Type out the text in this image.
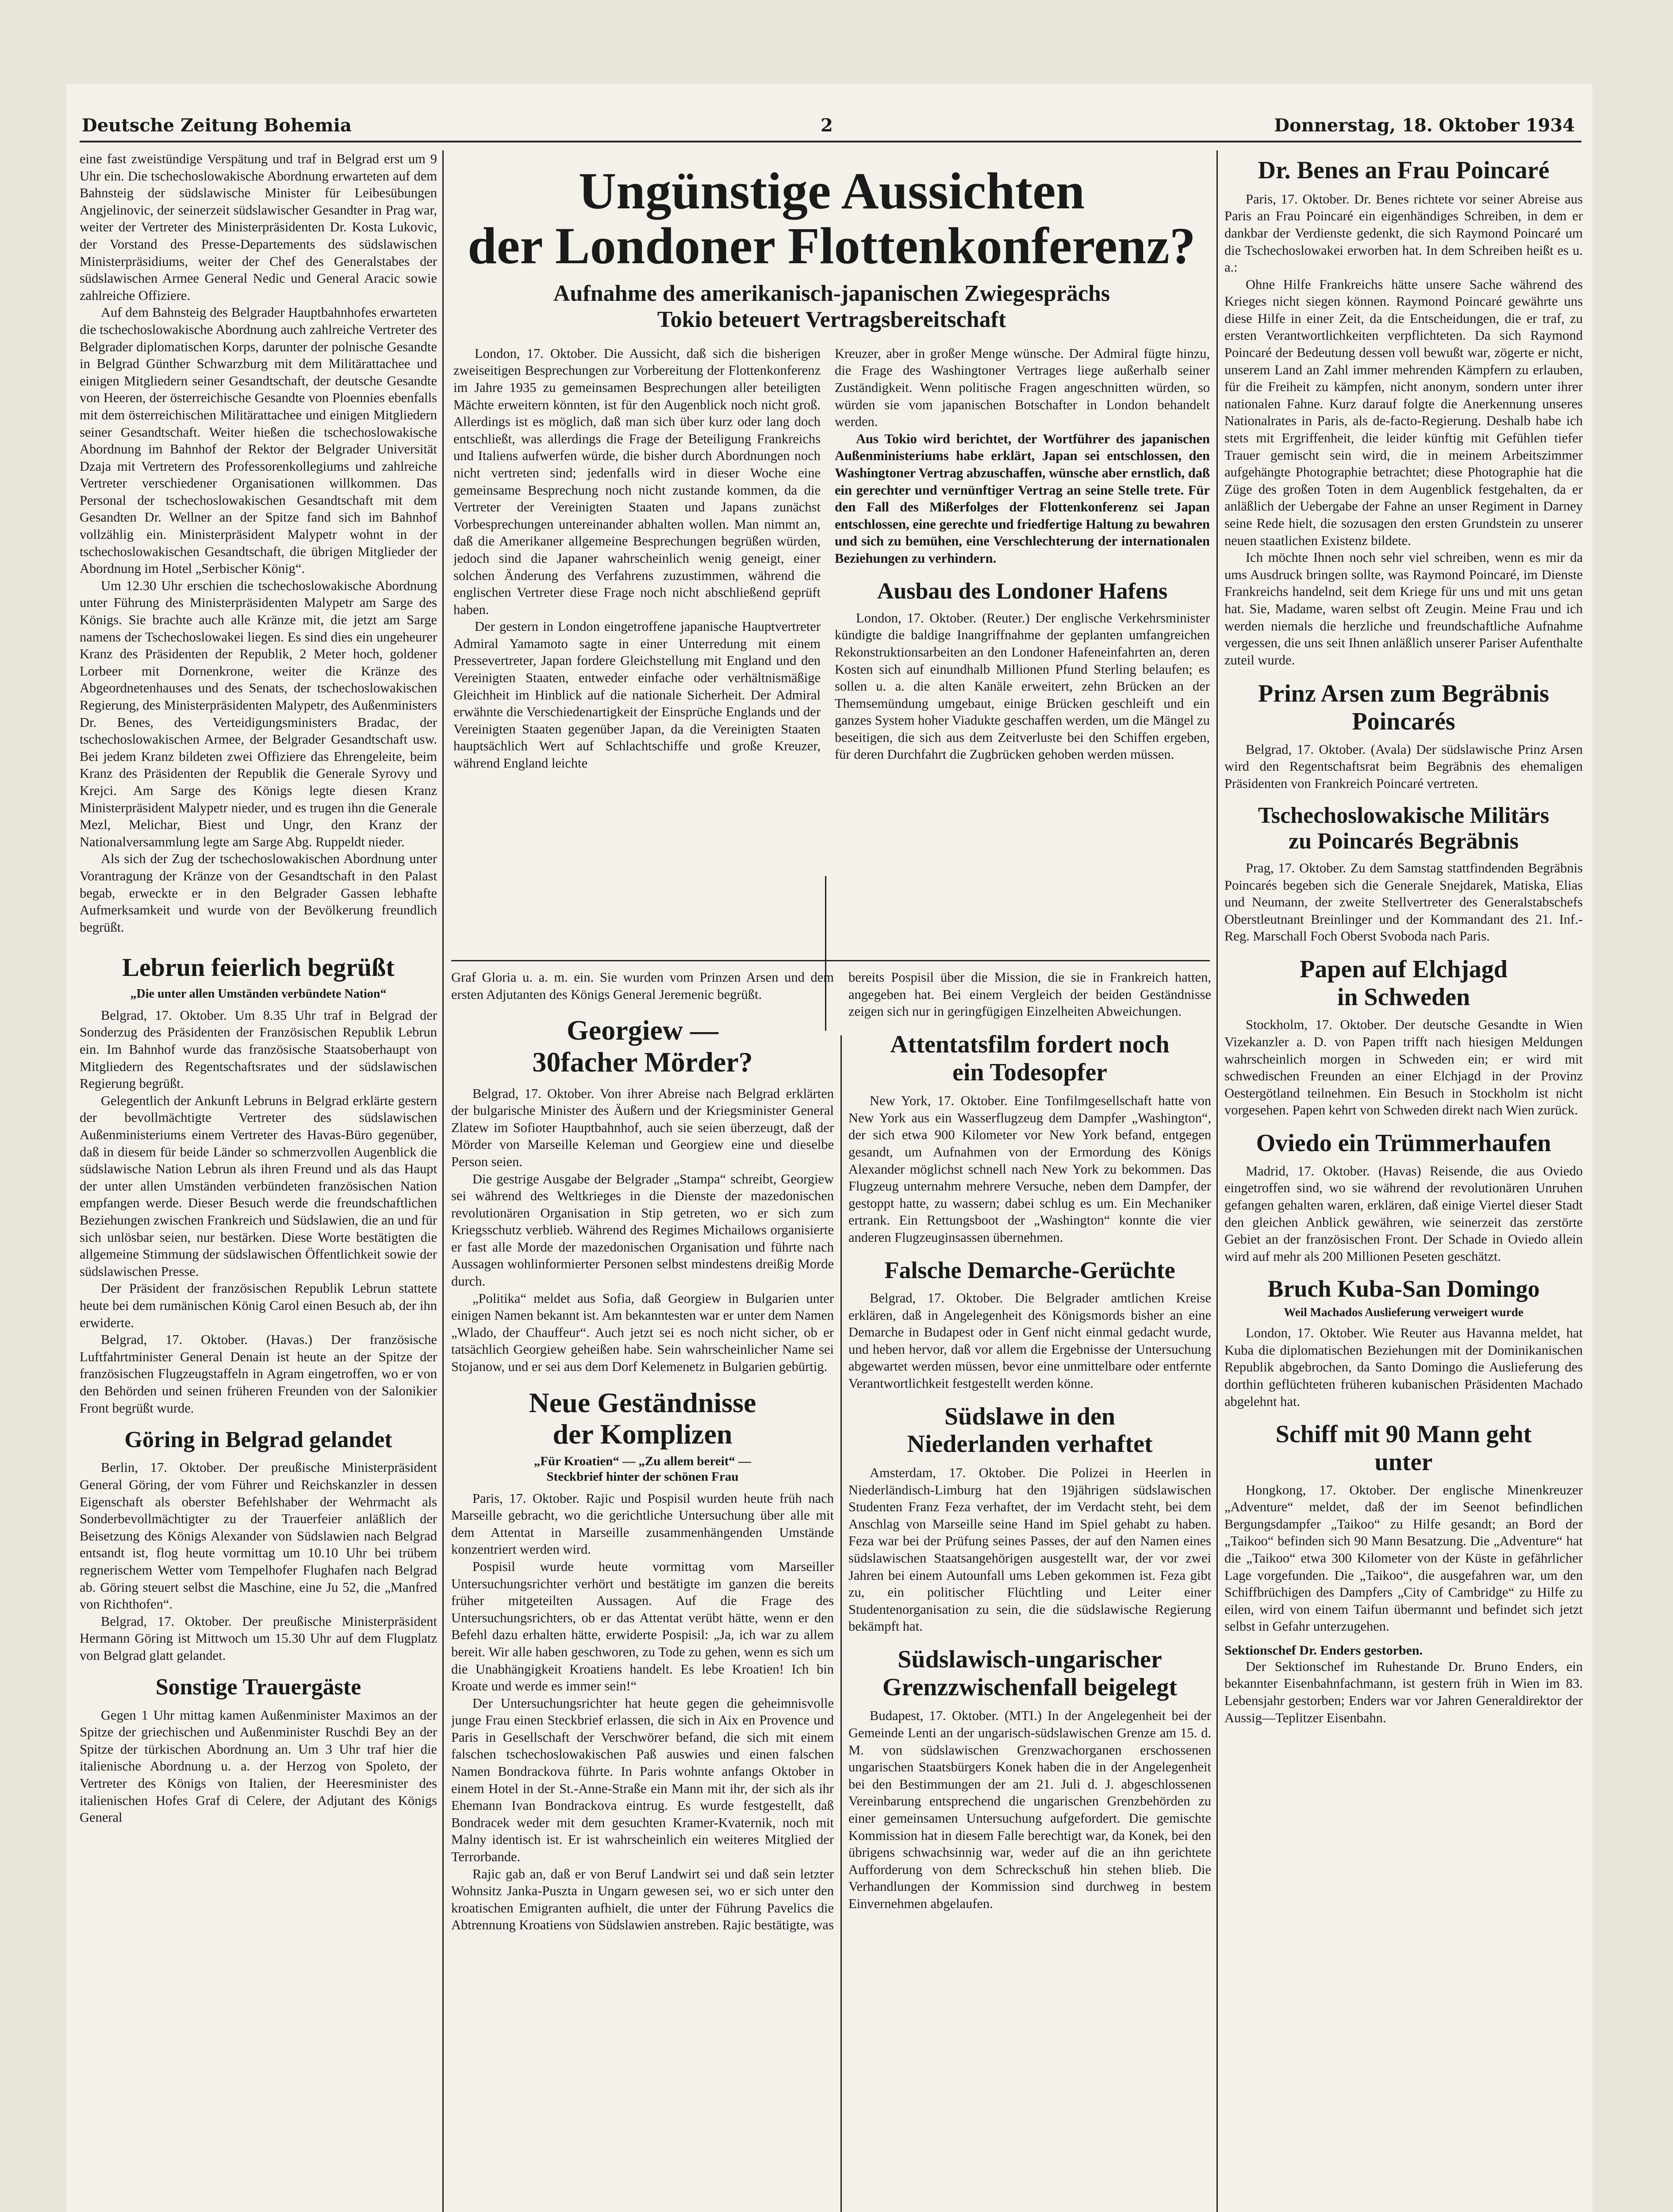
Deutsche Zeitung Bohemia	2	Donnerstag, 18. Oktober 1934

eine fast zweistündige Verspätung und traf in Belgrad erst um 9 Uhr ein. Die tschechoslowakische Abordnung erwarteten auf dem Bahnsteig der südslawische Minister für Leibesübungen Angjelinovic, der seinerzeit südslawischer Gesandter in Prag war, weiter der Vertreter des Ministerpräsidenten Dr. Kosta Lukovic, der Vorstand des Presse-Departements des südslawischen Ministerpräsidiums, weiter der Chef des Generalstabes der südslawischen Armee General Nedic und General Aracic sowie zahlreiche Offiziere.

Auf dem Bahnsteig des Belgrader Hauptbahnhofes erwarteten die tschechoslowakische Abordnung auch zahlreiche Vertreter des Belgrader diplomatischen Korps, darunter der polnische Gesandte in Belgrad Günther Schwarzburg mit dem Militärattachee und einigen Mitgliedern seiner Gesandtschaft, der deutsche Gesandte von Heeren, der österreichische Gesandte von Ploennies ebenfalls mit dem österreichischen Militärattachee und einigen Mitgliedern seiner Gesandtschaft. Weiter hießen die tschechoslowakische Abordnung im Bahnhof der Rektor der Belgrader Universität Dzaja mit Vertretern des Professorenkollegiums und zahlreiche Vertreter verschiedener Organisationen willkommen. Das Personal der tschechoslowakischen Gesandtschaft mit dem Gesandten Dr. Wellner an der Spitze fand sich im Bahnhof vollzählig ein. Ministerpräsident Malypetr wohnt in der tschechoslowakischen Gesandtschaft, die übrigen Mitglieder der Abordnung im Hotel „Serbischer König“.

Um 12.30 Uhr erschien die tschechoslowakische Abordnung unter Führung des Ministerpräsidenten Malypetr am Sarge des Königs. Sie brachte auch alle Kränze mit, die jetzt am Sarge namens der Tschechoslowakei liegen. Es sind dies ein ungeheurer Kranz des Präsidenten der Republik, 2 Meter hoch, goldener Lorbeer mit Dornenkrone, weiter die Kränze des Abgeordnetenhauses und des Senats, der tschechoslowakischen Regierung, des Ministerpräsidenten Malypetr, des Außenministers Dr. Benes, des Verteidigungsministers Bradac, der tschechoslowakischen Armee, der Belgrader Gesandtschaft usw. Bei jedem Kranz bildeten zwei Offiziere das Ehrengeleite, beim Kranz des Präsidenten der Republik die Generale Syrovy und Krejci. Am Sarge des Königs legte diesen Kranz Ministerpräsident Malypetr nieder, und es trugen ihn die Generale Mezl, Melichar, Biest und Ungr, den Kranz der Nationalversammlung legte am Sarge Abg. Ruppeldt nieder.

Als sich der Zug der tschechoslowakischen Abordnung unter Vorantragung der Kränze von der Gesandtschaft in den Palast begab, erweckte er in den Belgrader Gassen lebhafte Aufmerksamkeit und wurde von der Bevölkerung freundlich begrüßt.

Lebrun feierlich begrüßt
„Die unter allen Umständen verbündete Nation“

Belgrad, 17. Oktober. Um 8.35 Uhr traf in Belgrad der Sonderzug des Präsidenten der Französischen Republik Lebrun ein. Im Bahnhof wurde das französische Staatsoberhaupt von Mitgliedern des Regentschaftsrates und der südslawischen Regierung begrüßt.

Gelegentlich der Ankunft Lebruns in Belgrad erklärte gestern der bevollmächtigte Vertreter des südslawischen Außenministeriums einem Vertreter des Havas-Büro gegenüber, daß in diesem für beide Länder so schmerzvollen Augenblick die südslawische Nation Lebrun als ihren Freund und als das Haupt der unter allen Umständen verbündeten französischen Nation empfangen werde. Dieser Besuch werde die freundschaftlichen Beziehungen zwischen Frankreich und Südslawien, die an und für sich unlösbar seien, nur bestärken. Diese Worte bestätigten die allgemeine Stimmung der südslawischen Öffentlichkeit sowie der südslawischen Presse.

Der Präsident der französischen Republik Lebrun stattete heute bei dem rumänischen König Carol einen Besuch ab, der ihn erwiderte.

Belgrad, 17. Oktober. (Havas.) Der französische Luftfahrtminister General Denain ist heute an der Spitze der französischen Flugzeugstaffeln in Agram eingetroffen, wo er von den Behörden und seinen früheren Freunden von der Salonikier Front begrüßt wurde.

Göring in Belgrad gelandet

Berlin, 17. Oktober. Der preußische Ministerpräsident General Göring, der vom Führer und Reichskanzler in dessen Eigenschaft als oberster Befehlshaber der Wehrmacht als Sonderbevollmächtigter zu der Trauerfeier anläßlich der Beisetzung des Königs Alexander von Südslawien nach Belgrad entsandt ist, flog heute vormittag um 10.10 Uhr bei trübem regnerischem Wetter vom Tempelhofer Flughafen nach Belgrad ab. Göring steuert selbst die Maschine, eine Ju 52, die „Manfred von Richthofen“.

Belgrad, 17. Oktober. Der preußische Ministerpräsident Hermann Göring ist Mittwoch um 15.30 Uhr auf dem Flugplatz von Belgrad glatt gelandet.

Sonstige Trauergäste

Gegen 1 Uhr mittag kamen Außenminister Maximos an der Spitze der griechischen und Außenminister Ruschdi Bey an der Spitze der türkischen Abordnung an. Um 3 Uhr traf hier die italienische Abordnung u. a. der Herzog von Spoleto, der Vertreter des Königs von Italien, der Heeresminister des italienischen Hofes Graf di Celere, der Adjutant des Königs General

Ungünstige Aussichten
der Londoner Flottenkonferenz?
Aufnahme des amerikanisch-japanischen Zwiegesprächs
Tokio beteuert Vertragsbereitschaft

London, 17. Oktober. Die Aussicht, daß sich die bisherigen zweiseitigen Besprechungen zur Vorbereitung der Flottenkonferenz im Jahre 1935 zu gemeinsamen Besprechungen aller beteiligten Mächte erweitern könnten, ist für den Augenblick noch nicht groß. Allerdings ist es möglich, daß man sich über kurz oder lang doch entschließt, was allerdings die Frage der Beteiligung Frankreichs und Italiens aufwerfen würde, die bisher durch Abordnungen noch nicht vertreten sind; jedenfalls wird in dieser Woche eine gemeinsame Besprechung noch nicht zustande kommen, da die Vertreter der Vereinigten Staaten und Japans zunächst Vorbesprechungen untereinander abhalten wollen. Man nimmt an, daß die Amerikaner allgemeine Besprechungen begrüßen würden, jedoch sind die Japaner wahrscheinlich wenig geneigt, einer solchen Änderung des Verfahrens zuzustimmen, während die englischen Vertreter diese Frage noch nicht abschließend geprüft haben.

Der gestern in London eingetroffene japanische Hauptvertreter Admiral Yamamoto sagte in einer Unterredung mit einem Pressevertreter, Japan fordere Gleichstellung mit England und den Vereinigten Staaten, entweder einfache oder verhältnismäßige Gleichheit im Hinblick auf die nationale Sicherheit. Der Admiral erwähnte die Verschiedenartigkeit der Einsprüche Englands und der Vereinigten Staaten gegenüber Japan, da die Vereinigten Staaten hauptsächlich Wert auf Schlachtschiffe und große Kreuzer, während England leichte

Kreuzer, aber in großer Menge wünsche. Der Admiral fügte hinzu, die Frage des Washingtoner Vertrages liege außerhalb seiner Zuständigkeit. Wenn politische Fragen angeschnitten würden, so würden sie vom japanischen Botschafter in London behandelt werden.

Aus Tokio wird berichtet, der Wortführer des japanischen Außenministeriums habe erklärt, Japan sei entschlossen, den Washingtoner Vertrag abzuschaffen, wünsche aber ernstlich, daß ein gerechter und vernünftiger Vertrag an seine Stelle trete. Für den Fall des Mißerfolges der Flottenkonferenz sei Japan entschlossen, eine gerechte und friedfertige Haltung zu bewahren und sich zu bemühen, eine Verschlechterung der internationalen Beziehungen zu verhindern.

Ausbau des Londoner Hafens

London, 17. Oktober. (Reuter.) Der englische Verkehrsminister kündigte die baldige Inangriffnahme der geplanten umfangreichen Rekonstruktionsarbeiten an den Londoner Hafeneinfahrten an, deren Kosten sich auf einundhalb Millionen Pfund Sterling belaufen; es sollen u. a. die alten Kanäle erweitert, zehn Brücken an der Themsemündung umgebaut, einige Brücken geschleift und ein ganzes System hoher Viadukte geschaffen werden, um die Mängel zu beseitigen, die sich aus dem Zeitverluste bei den Schiffen ergeben, für deren Durchfahrt die Zugbrücken gehoben werden müssen.

Graf Gloria u. a. m. ein. Sie wurden vom Prinzen Arsen und dem ersten Adjutanten des Königs General Jeremenic begrüßt.

Georgiew —
30facher Mörder?

Belgrad, 17. Oktober. Von ihrer Abreise nach Belgrad erklärten der bulgarische Minister des Äußern und der Kriegsminister General Zlatew im Sofioter Hauptbahnhof, auch sie seien überzeugt, daß der Mörder von Marseille Keleman und Georgiew eine und dieselbe Person seien.

Die gestrige Ausgabe der Belgrader „Stampa“ schreibt, Georgiew sei während des Weltkrieges in die Dienste der mazedonischen revolutionären Organisation in Stip getreten, wo er sich zum Kriegsschutz verblieb. Während des Regimes Michailows organisierte er fast alle Morde der mazedonischen Organisation und führte nach Aussagen wohlinformierter Personen selbst mindestens dreißig Morde durch.

„Politika“ meldet aus Sofia, daß Georgiew in Bulgarien unter einigen Namen bekannt ist. Am bekanntesten war er unter dem Namen „Wlado, der Chauffeur“. Auch jetzt sei es noch nicht sicher, ob er tatsächlich Georgiew geheißen habe. Sein wahrscheinlicher Name sei Stojanow, und er sei aus dem Dorf Kelemenetz in Bulgarien gebürtig.

Neue Geständnisse
der Komplizen
„Für Kroatien“ — „Zu allem bereit“ —
Steckbrief hinter der schönen Frau

Paris, 17. Oktober. Rajic und Pospisil wurden heute früh nach Marseille gebracht, wo die gerichtliche Untersuchung über alle mit dem Attentat in Marseille zusammenhängenden Umstände konzentriert werden wird.

Pospisil wurde heute vormittag vom Marseiller Untersuchungsrichter verhört und bestätigte im ganzen die bereits früher mitgeteilten Aussagen. Auf die Frage des Untersuchungsrichters, ob er das Attentat verübt hätte, wenn er den Befehl dazu erhalten hätte, erwiderte Pospisil: „Ja, ich war zu allem bereit. Wir alle haben geschworen, zu Tode zu gehen, wenn es sich um die Unabhängigkeit Kroatiens handelt. Es lebe Kroatien! Ich bin Kroate und werde es immer sein!“

Der Untersuchungsrichter hat heute gegen die geheimnisvolle junge Frau einen Steckbrief erlassen, die sich in Aix en Provence und Paris in Gesellschaft der Verschwörer befand, die sich mit einem falschen tschechoslowakischen Paß auswies und einen falschen Namen Bondrackova führte. In Paris wohnte anfangs Oktober in einem Hotel in der St.-Anne-Straße ein Mann mit ihr, der sich als ihr Ehemann Ivan Bondrackova eintrug. Es wurde festgestellt, daß Bondracek weder mit dem gesuchten Kramer-Kvaternik, noch mit Malny identisch ist. Er ist wahrscheinlich ein weiteres Mitglied der Terrorbande.

Rajic gab an, daß er von Beruf Landwirt sei und daß sein letzter Wohnsitz Janka-Puszta in Ungarn gewesen sei, wo er sich unter den kroatischen Emigranten aufhielt, die unter der Führung Pavelics die Abtrennung Kroatiens von Südslawien anstreben. Rajic bestätigte, was

bereits Pospisil über die Mission, die sie in Frankreich hatten, angegeben hat. Bei einem Vergleich der beiden Geständnisse zeigen sich nur in geringfügigen Einzelheiten Abweichungen.

Attentatsfilm fordert noch
ein Todesopfer

New York, 17. Oktober. Eine Tonfilmgesellschaft hatte von New York aus ein Wasserflugzeug dem Dampfer „Washington“, der sich etwa 900 Kilometer vor New York befand, entgegen gesandt, um Aufnahmen von der Ermordung des Königs Alexander möglichst schnell nach New York zu bekommen. Das Flugzeug unternahm mehrere Versuche, neben dem Dampfer, der gestoppt hatte, zu wassern; dabei schlug es um. Ein Mechaniker ertrank. Ein Rettungsboot der „Washington“ konnte die vier anderen Flugzeuginsassen übernehmen.

Falsche Demarche-Gerüchte

Belgrad, 17. Oktober. Die Belgrader amtlichen Kreise erklären, daß in Angelegenheit des Königsmords bisher an eine Demarche in Budapest oder in Genf nicht einmal gedacht wurde, und heben hervor, daß vor allem die Ergebnisse der Untersuchung abgewartet werden müssen, bevor eine unmittelbare oder entfernte Verantwortlichkeit festgestellt werden könne.

Südslawe in den
Niederlanden verhaftet

Amsterdam, 17. Oktober. Die Polizei in Heerlen in Niederländisch-Limburg hat den 19jährigen südslawischen Studenten Franz Feza verhaftet, der im Verdacht steht, bei dem Anschlag von Marseille seine Hand im Spiel gehabt zu haben. Feza war bei der Prüfung seines Passes, der auf den Namen eines südslawischen Staatsangehörigen ausgestellt war, der vor zwei Jahren bei einem Autounfall ums Leben gekommen ist. Feza gibt zu, ein politischer Flüchtling und Leiter einer Studentenorganisation zu sein, die die südslawische Regierung bekämpft hat.

Südslawisch-ungarischer
Grenzzwischenfall beigelegt

Budapest, 17. Oktober. (MTI.) In der Angelegenheit bei der Gemeinde Lenti an der ungarisch-südslawischen Grenze am 15. d. M. von südslawischen Grenzwachorganen erschossenen ungarischen Staatsbürgers Konek haben die in der Angelegenheit bei den Bestimmungen der am 21. Juli d. J. abgeschlossenen Vereinbarung entsprechend die ungarischen Grenzbehörden zu einer gemeinsamen Untersuchung aufgefordert. Die gemischte Kommission hat in diesem Falle berechtigt war, da Konek, bei den übrigens schwachsinnig war, weder auf die an ihn gerichtete Aufforderung von dem Schreckschuß hin stehen blieb. Die Verhandlungen der Kommission sind durchweg in bestem Einvernehmen abgelaufen.

Dr. Benes an Frau Poincaré

Paris, 17. Oktober. Dr. Benes richtete vor seiner Abreise aus Paris an Frau Poincaré ein eigenhändiges Schreiben, in dem er dankbar der Verdienste gedenkt, die sich Raymond Poincaré um die Tschechoslowakei erworben hat. In dem Schreiben heißt es u. a.:

Ohne Hilfe Frankreichs hätte unsere Sache während des Krieges nicht siegen können. Raymond Poincaré gewährte uns diese Hilfe in einer Zeit, da die Entscheidungen, die er traf, zu ersten Verantwortlichkeiten verpflichteten. Da sich Raymond Poincaré der Bedeutung dessen voll bewußt war, zögerte er nicht, unserem Land an Zahl immer mehrenden Kämpfern zu erlauben, für die Freiheit zu kämpfen, nicht anonym, sondern unter ihrer nationalen Fahne. Kurz darauf folgte die Anerkennung unseres Nationalrates in Paris, als de-facto-Regierung. Deshalb habe ich stets mit Ergriffenheit, die leider künftig mit Gefühlen tiefer Trauer gemischt sein wird, die in meinem Arbeitszimmer aufgehängte Photographie betrachtet; diese Photographie hat die Züge des großen Toten in dem Augenblick festgehalten, da er anläßlich der Uebergabe der Fahne an unser Regiment in Darney seine Rede hielt, die sozusagen den ersten Grundstein zu unserer neuen staatlichen Existenz bildete.

Ich möchte Ihnen noch sehr viel schreiben, wenn es mir da ums Ausdruck bringen sollte, was Raymond Poincaré, im Dienste Frankreichs handelnd, seit dem Kriege für uns und mit uns getan hat. Sie, Madame, waren selbst oft Zeugin. Meine Frau und ich werden niemals die herzliche und freundschaftliche Aufnahme vergessen, die uns seit Ihnen anläßlich unserer Pariser Aufenthalte zuteil wurde.

Prinz Arsen zum Begräbnis
Poincarés

Belgrad, 17. Oktober. (Avala) Der südslawische Prinz Arsen wird den Regentschaftsrat beim Begräbnis des ehemaligen Präsidenten von Frankreich Poincaré vertreten.

Tschechoslowakische Militärs
zu Poincarés Begräbnis

Prag, 17. Oktober. Zu dem Samstag stattfindenden Begräbnis Poincarés begeben sich die Generale Snejdarek, Matiska, Elias und Neumann, der zweite Stellvertreter des Generalstabschefs Oberstleutnant Breinlinger und der Kommandant des 21. Inf.-Reg. Marschall Foch Oberst Svoboda nach Paris.

Papen auf Elchjagd
in Schweden

Stockholm, 17. Oktober. Der deutsche Gesandte in Wien Vizekanzler a. D. von Papen trifft nach hiesigen Meldungen wahrscheinlich morgen in Schweden ein; er wird mit schwedischen Freunden an einer Elchjagd in der Provinz Oestergötland teilnehmen. Ein Besuch in Stockholm ist nicht vorgesehen. Papen kehrt von Schweden direkt nach Wien zurück.

Oviedo ein Trümmerhaufen

Madrid, 17. Oktober. (Havas) Reisende, die aus Oviedo eingetroffen sind, wo sie während der revolutionären Unruhen gefangen gehalten waren, erklären, daß einige Viertel dieser Stadt den gleichen Anblick gewähren, wie seinerzeit das zerstörte Gebiet an der französischen Front. Der Schade in Oviedo allein wird auf mehr als 200 Millionen Peseten geschätzt.

Bruch Kuba-San Domingo
Weil Machados Auslieferung verweigert wurde

London, 17. Oktober. Wie Reuter aus Havanna meldet, hat Kuba die diplomatischen Beziehungen mit der Dominikanischen Republik abgebrochen, da Santo Domingo die Auslieferung des dorthin geflüchteten früheren kubanischen Präsidenten Machado abgelehnt hat.

Schiff mit 90 Mann geht
unter

Hongkong, 17. Oktober. Der englische Minenkreuzer „Adventure“ meldet, daß der im Seenot befindlichen Bergungsdampfer „Taikoo“ zu Hilfe gesandt; an Bord der „Taikoo“ befinden sich 90 Mann Besatzung. Die „Adventure“ hat die „Taikoo“ etwa 300 Kilometer von der Küste in gefährlicher Lage vorgefunden. Die „Taikoo“, die ausgefahren war, um den Schiffbrüchigen des Dampfers „City of Cambridge“ zu Hilfe zu eilen, wird von einem Taifun übermannt und befindet sich jetzt selbst in Gefahr unterzugehen.

Sektionschef Dr. Enders gestorben.

Der Sektionschef im Ruhestande Dr. Bruno Enders, ein bekannter Eisenbahnfachmann, ist gestern früh in Wien im 83. Lebensjahr gestorben; Enders war vor Jahren Generaldirektor der Aussig—Teplitzer Eisenbahn.
